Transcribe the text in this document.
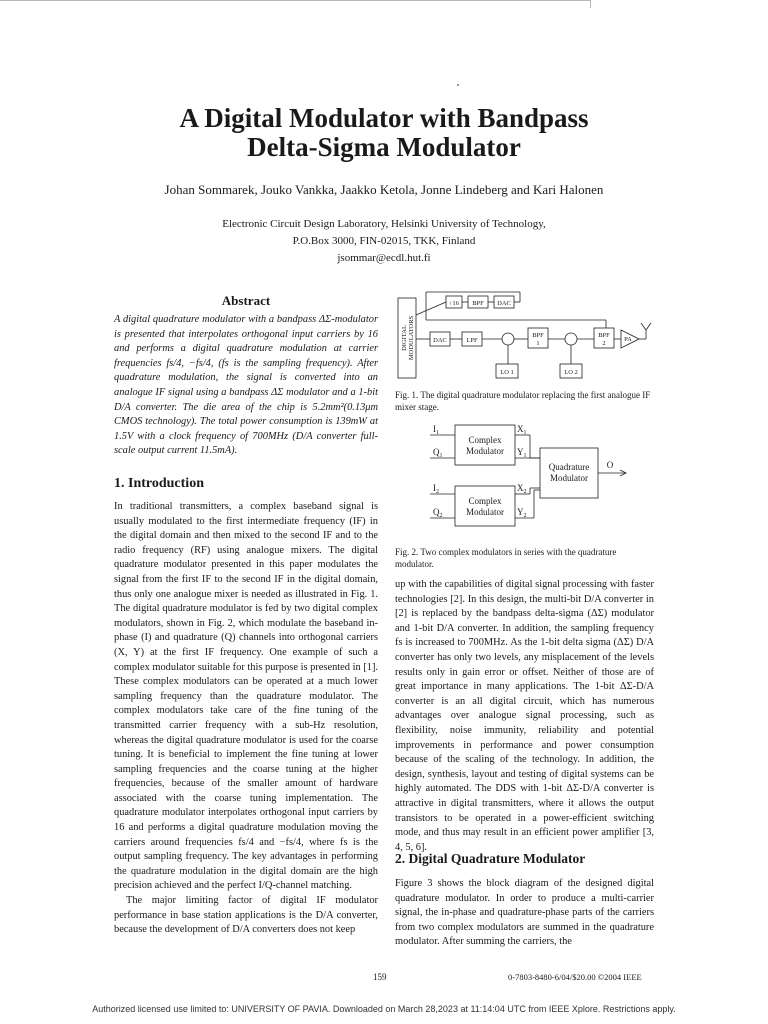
A Digital Modulator with Bandpass
Delta-Sigma Modulator
Johan Sommarek, Jouko Vankka, Jaakko Ketola, Jonne Lindeberg and Kari Halonen
Electronic Circuit Design Laboratory, Helsinki University of Technology,
P.O.Box 3000, FIN-02015, TKK, Finland
jsommar@ecdl.hut.fi
Abstract

A digital quadrature modulator with a bandpass ΔΣ-modulator is presented that interpolates orthogonal input carriers by 16 and performs a digital quadrature modulation at carrier frequencies fs/4, −fs/4, (fs is the sampling frequency). After quadrature modulation, the signal is converted into an analogue IF signal using a bandpass ΔΣ modulator and a 1-bit D/A converter. The die area of the chip is 5.2mm²(0.13μm CMOS technology). The total power consumption is 139mW at 1.5V with a clock frequency of 700MHz (D/A converter full-scale output current 11.5mA).

1. Introduction

In traditional transmitters, a complex baseband signal is usually modulated to the first intermediate frequency (IF) in the digital domain and then mixed to the second IF and to the radio frequency (RF) using analogue mixers. The digital quadrature modulator presented in this paper modulates the signal from the first IF to the second IF in the digital domain, thus only one analogue mixer is needed as illustrated in Fig. 1. The digital quadrature modulator is fed by two digital complex modulators, shown in Fig. 2, which modulate the baseband in-phase (I) and quadrature (Q) channels into orthogonal carriers (X, Y) at the first IF frequency. One example of such a complex modulator suitable for this purpose is presented in [1]. These complex modulators can be operated at a much lower sampling frequency than the quadrature modulator. The complex modulators take care of the fine tuning of the transmitted carrier frequency with a sub-Hz resolution, whereas the digital quadrature modulator is used for the coarse tuning. It is beneficial to implement the fine tuning at lower sampling frequencies and the coarse tuning at the higher frequencies, because of the smaller amount of hardware associated with the coarse tuning implementation. The quadrature modulator interpolates orthogonal input carriers by 16 and performs a digital quadrature modulation moving the carriers around frequencies fs/4 and −fs/4, where fs is the output sampling frequency. The key advantages in performing the quadrature modulation in the digital domain are the high precision achieved and the perfect I/Q-channel matching.

The major limiting factor of digital IF modulator performance in base station applications is the D/A converter, because the development of D/A converters does not keep

DIGITAL MODULATORS
↑16 BPF DAC
DAC	LPF
BPF
1
BPF
2
PA
LO 1	LO 2
Fig. 1. The digital quadrature modulator replacing the first analogue IF mixer stage.
Complex
Modulator
Complex
Modulator
Quadrature
Modulator
O
$I_1$
$Q_1$
$I_2$
$Q_2$
$X_1$
$Y_1$
$X_2$
$Y_2$
Fig. 2. Two complex modulators in series with the quadrature modulator.

up with the capabilities of digital signal processing with faster technologies [2]. In this design, the multi-bit D/A converter in [2] is replaced by the bandpass delta-sigma (ΔΣ) modulator and 1-bit D/A converter. In addition, the sampling frequency fs is increased to 700MHz. As the 1-bit delta sigma (ΔΣ) D/A converter has only two levels, any misplacement of the levels results only in gain error or offset. Neither of those are of great importance in many applications. The 1-bit ΔΣ-D/A converter is an all digital circuit, which has numerous advantages over analogue signal processing, such as flexibility, noise immunity, reliability and potential improvements in performance and power consumption because of the scaling of the technology. In addition, the design, synthesis, layout and testing of digital systems can be highly automated. The DDS with 1-bit ΔΣ-D/A converter is attractive in digital transmitters, where it allows the output transistors to be operated in a power-efficient switching mode, and thus may result in an efficient power amplifier [3, 4, 5, 6].

2. Digital Quadrature Modulator

Figure 3 shows the block diagram of the designed digital quadrature modulator. In order to produce a multi-carrier signal, the in-phase and quadrature-phase parts of the carriers from two complex modulators are summed in the quadrature modulator. After summing the carriers, the

159	0-7803-8480-6/04/$20.00 ©2004 IEEE
Authorized licensed use limited to: UNIVERSITY OF PAVIA. Downloaded on March 28,2023 at 11:14:04 UTC from IEEE Xplore. Restrictions apply.
